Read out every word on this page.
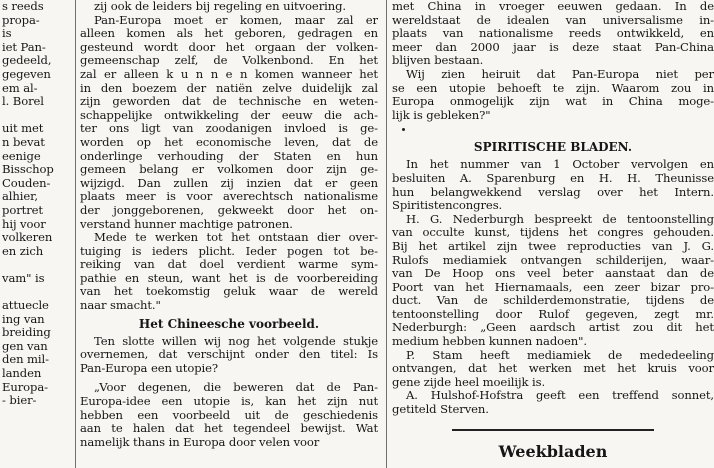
s reeds
propa-
is
iet Pan-
gedeeld,
gegeven
em al-
l. Borel

uit met
n bevat
eenige
Bisschop
Couden-
alhier,
portret
hij voor
volkeren
en zich

vam" is

attuecle
ing van
breiding
gen van
den mil-
landen
Europa-
- bier-
zij ook de leiders bij regeling en uitvoering.
Pan-Europa moet er komen, maar zal er
alleen komen als het geboren, gedragen en
gesteund wordt door het orgaan der volken-
gemeenschap zelf, de Volkenbond. En het
zal er alleen k u n n e n komen wanneer het
in den boezem der natiën zelve duidelijk zal
zijn geworden dat de technische en weten-
schappelijke ontwikkeling der eeuw die ach-
ter ons ligt van zoodanigen invloed is ge-
worden op het economische leven, dat de
onderlinge verhouding der Staten en hun
gemeen belang er volkomen door zijn ge-
wijzigd. Dan zullen zij inzien dat er geen
plaats meer is voor averechtsch nationalisme
der jonggeborenen, gekweekt door het on-
verstand hunner machtige patronen.
Mede te werken tot het ontstaan dier over-
tuiging is ieders plicht. Ieder pogen tot be-
reiking van dat doel verdient warme sym-
pathie en steun, want het is de voorbereiding
van het toekomstig geluk waar de wereld
naar smacht."
Het Chineesche voorbeeld.
Ten slotte willen wij nog het volgende stukje
overnemen, dat verschijnt onder den titel: Is
Pan-Europa een utopie?
„Voor degenen, die beweren dat de Pan-
Europa-idee een utopie is, kan het zijn nut
hebben een voorbeeld uit de geschiedenis
aan te halen dat het tegendeel bewijst. Wat
namelijk thans in Europa door velen voor
met China in vroeger eeuwen gedaan. In de
wereldstaat de idealen van universalisme in-
plaats van nationalisme reeds ontwikkeld, en
meer dan 2000 jaar is deze staat Pan-China
blijven bestaan.
Wij zien heiruit dat Pan-Europa niet per
se een utopie behoeft te zijn. Waarom zou in
Europa onmogelijk zijn wat in China moge-
lijk is gebleken?"
SPIRITISCHE BLADEN.
In het nummer van 1 October vervolgen en
besluiten A. Sparenburg en H. H. Theunisse
hun belangwekkend verslag over het Intern.
Spiritistencongres.
H. G. Nederburgh bespreekt de tentoonstelling
van occulte kunst, tijdens het congres gehouden.
Bij het artikel zijn twee reproducties van J. G.
Rulofs mediamiek ontvangen schilderijen, waar-
van De Hoop ons veel beter aanstaat dan de
Poort van het Hiernamaals, een zeer bizar pro-
duct. Van de schilderdemonstratie, tijdens de
tentoonstelling door Rulof gegeven, zegt mr.
Nederburgh: „Geen aardsch artist zou dit het
medium hebben kunnen nadoen".
P. Stam heeft mediamiek de mededeeling
ontvangen, dat het werken met het kruis voor
gene zijde heel moeilijk is.
A. Hulshof-Hofstra geeft een treffend sonnet,
getiteld Sterven.
Weekbladen
